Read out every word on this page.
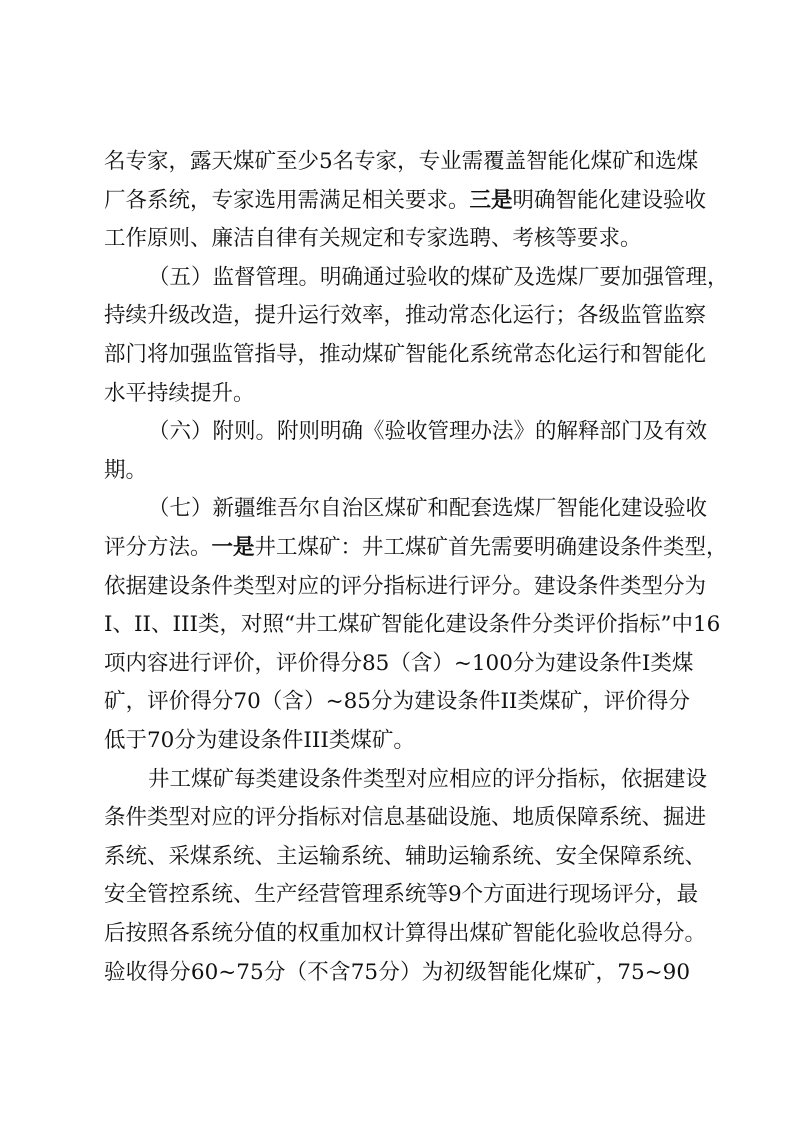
名专家，露天煤矿至少5名专家，专业需覆盖智能化煤矿和选煤
厂各系统，专家选用需满足相关要求。三是明确智能化建设验收
工作原则、廉洁自律有关规定和专家选聘、考核等要求。
（五）监督管理。明确通过验收的煤矿及选煤厂要加强管理，
持续升级改造，提升运行效率，推动常态化运行；各级监管监察
部门将加强监管指导，推动煤矿智能化系统常态化运行和智能化
水平持续提升。
（六）附则。附则明确《验收管理办法》的解释部门及有效
期。
（七）新疆维吾尔自治区煤矿和配套选煤厂智能化建设验收
评分方法。一是井工煤矿：井工煤矿首先需要明确建设条件类型，
依据建设条件类型对应的评分指标进行评分。建设条件类型分为
I、II、III类，对照“井工煤矿智能化建设条件分类评价指标”中16
项内容进行评价，评价得分85（含）~100分为建设条件I类煤
矿，评价得分70（含）~85分为建设条件II类煤矿，评价得分
低于70分为建设条件III类煤矿。
井工煤矿每类建设条件类型对应相应的评分指标，依据建设
条件类型对应的评分指标对信息基础设施、地质保障系统、掘进
系统、采煤系统、主运输系统、辅助运输系统、安全保障系统、
安全管控系统、生产经营管理系统等9个方面进行现场评分，最
后按照各系统分值的权重加权计算得出煤矿智能化验收总得分。
验收得分60~75分（不含75分）为初级智能化煤矿，75~90
